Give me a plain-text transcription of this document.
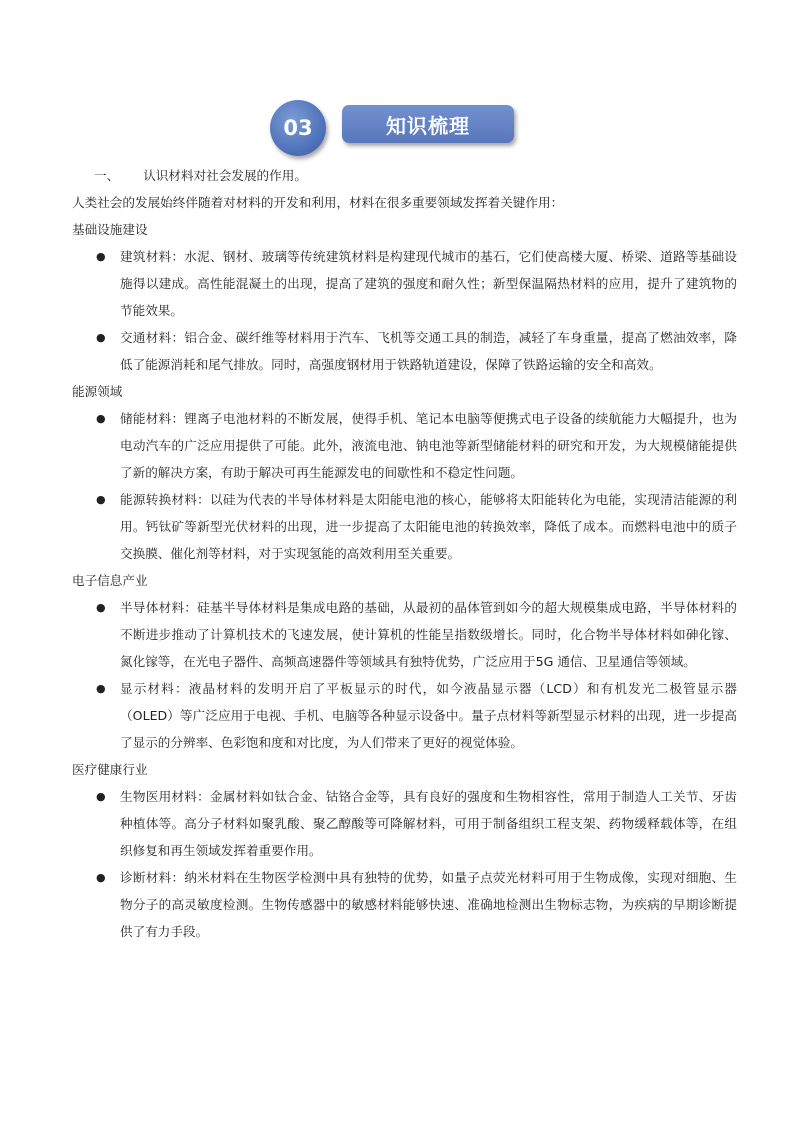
03	知识梳理
一、 认识材料对社会发展的作用。

人类社会的发展始终伴随着对材料的开发和利用，材料在很多重要领域发挥着关键作用：

基础设施建设

● 建筑材料：水泥、钢材、玻璃等传统建筑材料是构建现代城市的基石，它们使高楼大厦、桥梁、道路等基础设施得以建成。高性能混凝土的出现，提高了建筑的强度和耐久性；新型保温隔热材料的应用，提升了建筑物的节能效果。
● 交通材料：铝合金、碳纤维等材料用于汽车、飞机等交通工具的制造，减轻了车身重量，提高了燃油效率，降低了能源消耗和尾气排放。同时，高强度钢材用于铁路轨道建设，保障了铁路运输的安全和高效。

能源领域

● 储能材料：锂离子电池材料的不断发展，使得手机、笔记本电脑等便携式电子设备的续航能力大幅提升，也为电动汽车的广泛应用提供了可能。此外，液流电池、钠电池等新型储能材料的研究和开发，为大规模储能提供了新的解决方案，有助于解决可再生能源发电的间歇性和不稳定性问题。
● 能源转换材料：以硅为代表的半导体材料是太阳能电池的核心，能够将太阳能转化为电能，实现清洁能源的利用。钙钛矿等新型光伏材料的出现，进一步提高了太阳能电池的转换效率，降低了成本。而燃料电池中的质子交换膜、催化剂等材料，对于实现氢能的高效利用至关重要。

电子信息产业

● 半导体材料：硅基半导体材料是集成电路的基础，从最初的晶体管到如今的超大规模集成电路，半导体材料的不断进步推动了计算机技术的飞速发展，使计算机的性能呈指数级增长。同时，化合物半导体材料如砷化镓、氮化镓等，在光电子器件、高频高速器件等领域具有独特优势，广泛应用于5G 通信、卫星通信等领域。
● 显示材料：液晶材料的发明开启了平板显示的时代，如今液晶显示器（LCD）和有机发光二极管显示器（OLED）等广泛应用于电视、手机、电脑等各种显示设备中。量子点材料等新型显示材料的出现，进一步提高了显示的分辨率、色彩饱和度和对比度，为人们带来了更好的视觉体验。

医疗健康行业

● 生物医用材料：金属材料如钛合金、钴铬合金等，具有良好的强度和生物相容性，常用于制造人工关节、牙齿种植体等。高分子材料如聚乳酸、聚乙醇酸等可降解材料，可用于制备组织工程支架、药物缓释载体等，在组织修复和再生领域发挥着重要作用。
● 诊断材料：纳米材料在生物医学检测中具有独特的优势，如量子点荧光材料可用于生物成像，实现对细胞、生物分子的高灵敏度检测。生物传感器中的敏感材料能够快速、准确地检测出生物标志物，为疾病的早期诊断提供了有力手段。
